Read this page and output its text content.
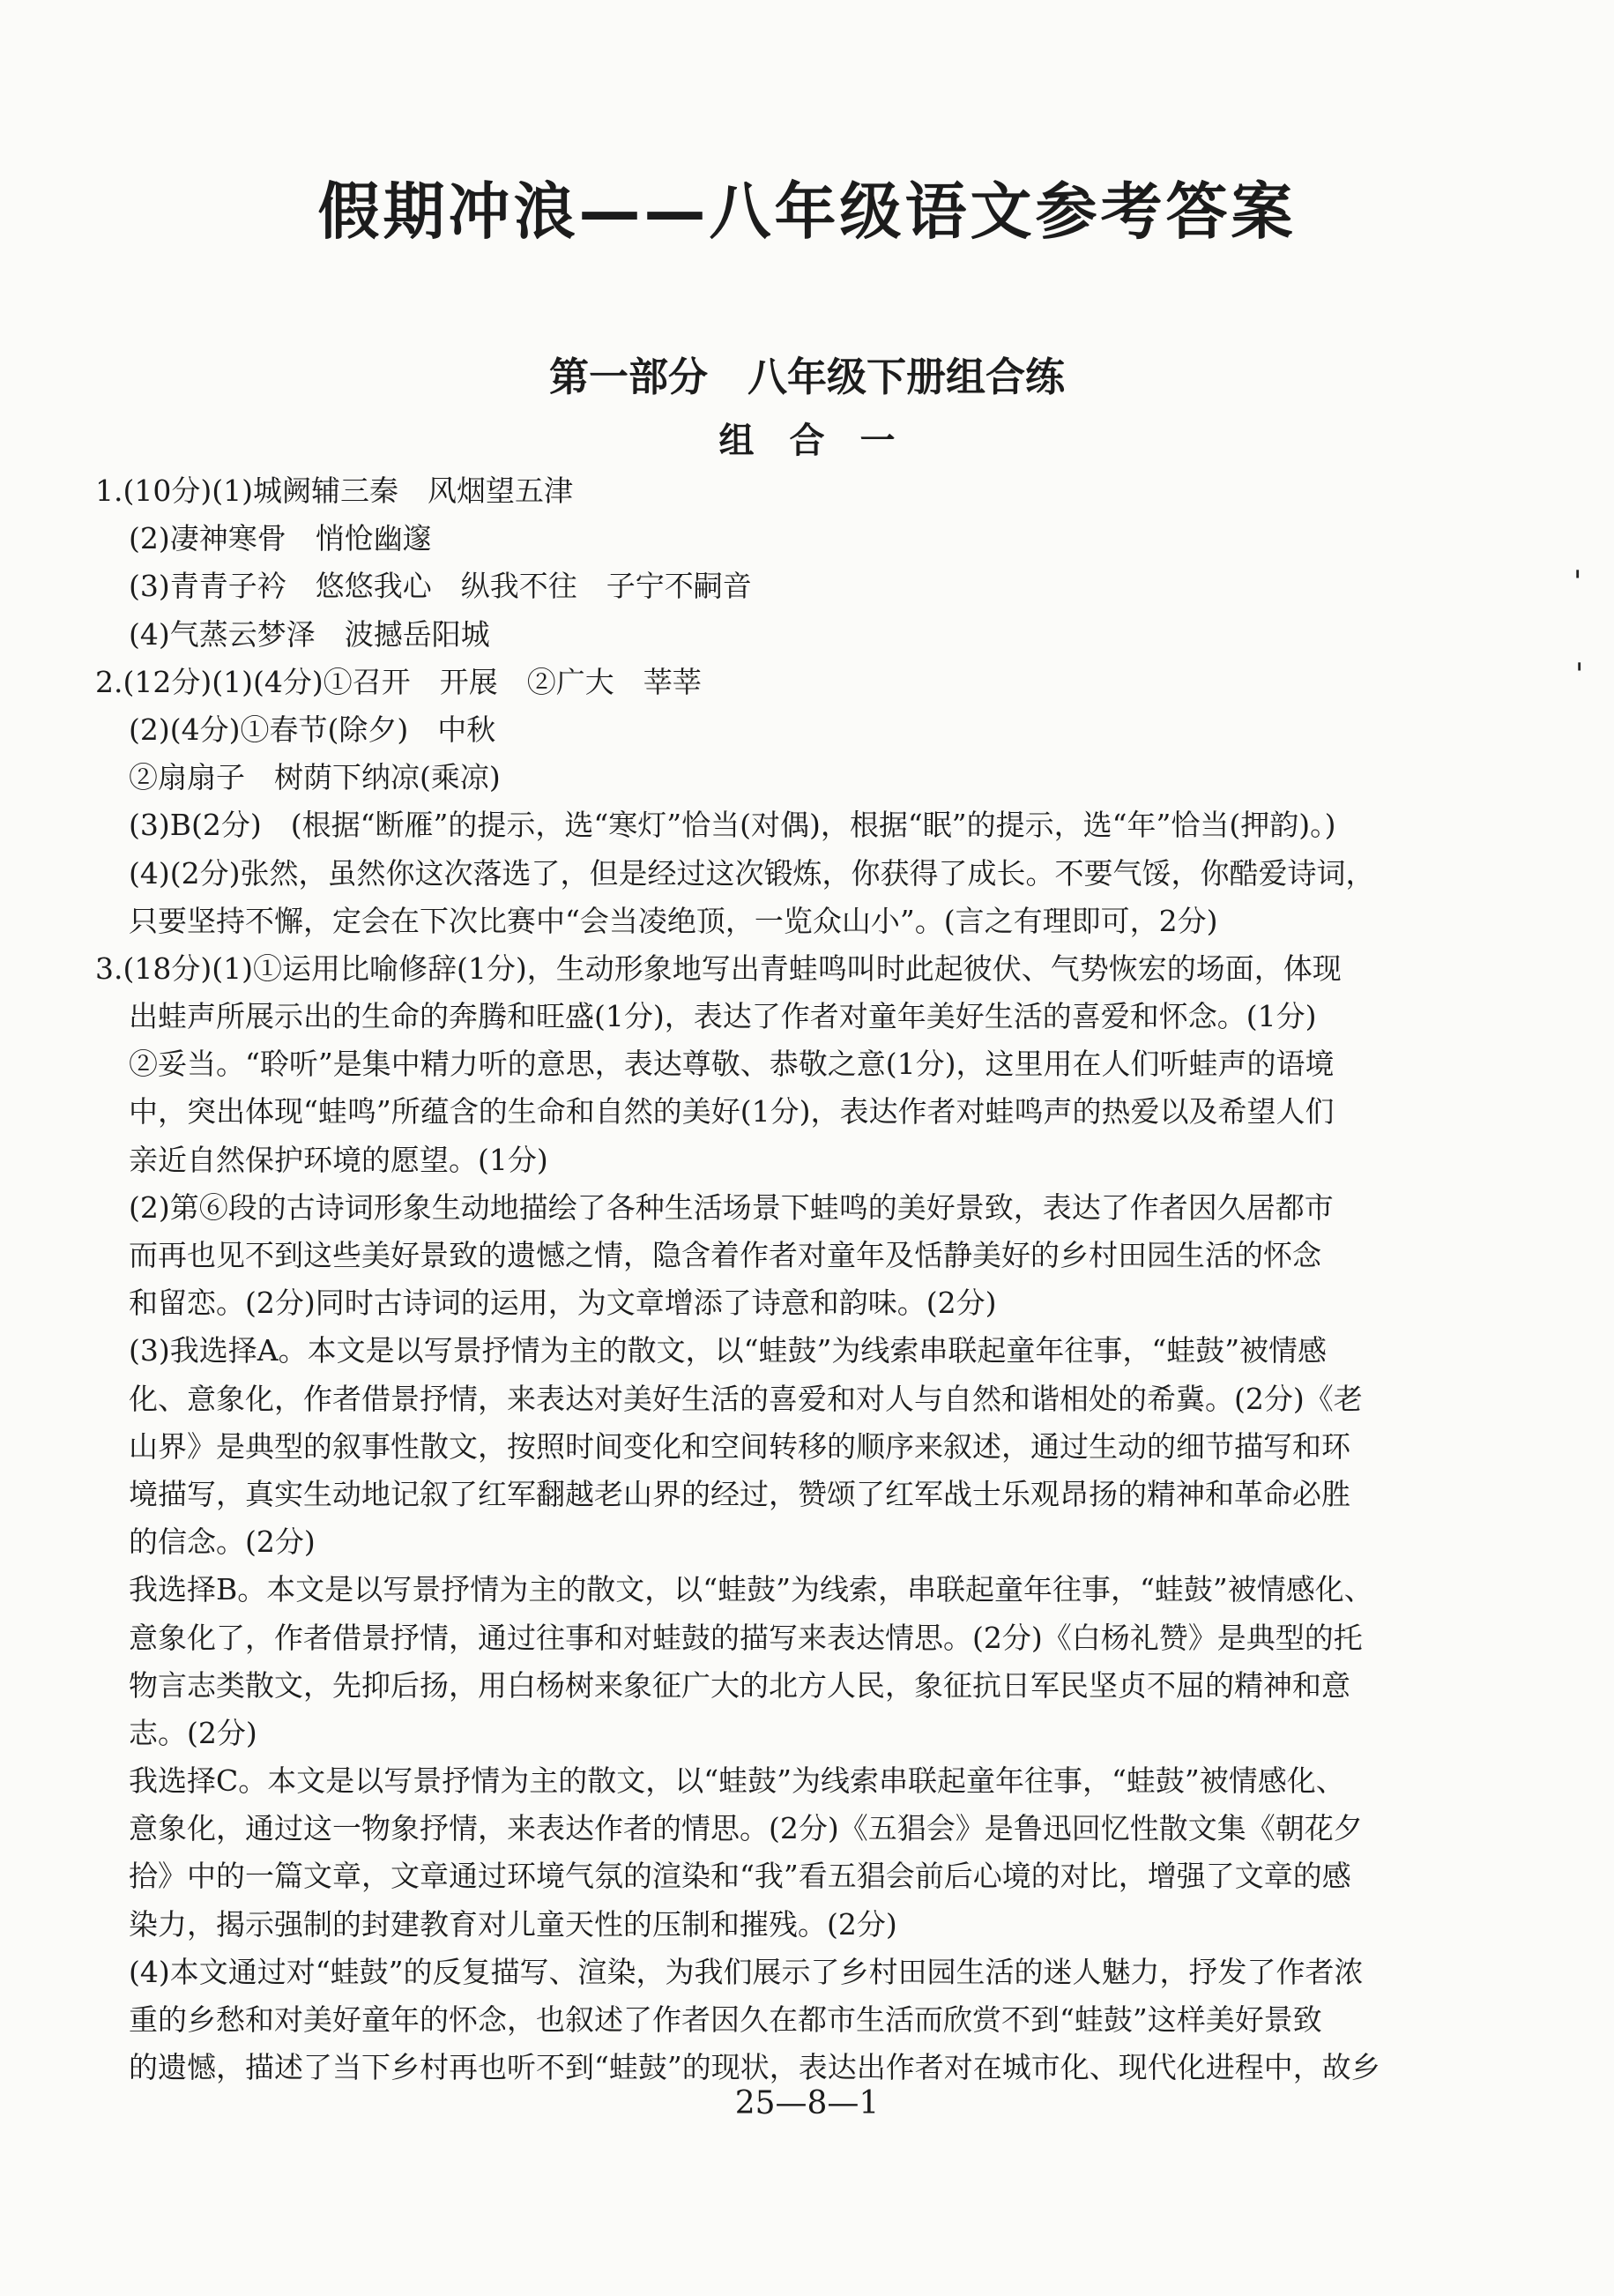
假期冲浪——八年级语文参考答案
第一部分　八年级下册组合练
组合一
1.(10分)(1)城阙辅三秦　风烟望五津
(2)凄神寒骨　悄怆幽邃
(3)青青子衿　悠悠我心　纵我不往　子宁不嗣音
(4)气蒸云梦泽　波撼岳阳城
2.(12分)(1)(4分)①召开　开展　②广大　莘莘
(2)(4分)①春节(除夕)　中秋
②扇扇子　树荫下纳凉(乘凉)
(3)B(2分)　(根据“断雁”的提示，选“寒灯”恰当(对偶)，根据“眠”的提示，选“年”恰当(押韵)。)
(4)(2分)张然，虽然你这次落选了，但是经过这次锻炼，你获得了成长。不要气馁，你酷爱诗词，
只要坚持不懈，定会在下次比赛中“会当凌绝顶，一览众山小”。(言之有理即可，2分)
3.(18分)(1)①运用比喻修辞(1分)，生动形象地写出青蛙鸣叫时此起彼伏、气势恢宏的场面，体现
出蛙声所展示出的生命的奔腾和旺盛(1分)，表达了作者对童年美好生活的喜爱和怀念。(1分)
②妥当。“聆听”是集中精力听的意思，表达尊敬、恭敬之意(1分)，这里用在人们听蛙声的语境
中，突出体现“蛙鸣”所蕴含的生命和自然的美好(1分)，表达作者对蛙鸣声的热爱以及希望人们
亲近自然保护环境的愿望。(1分)
(2)第⑥段的古诗词形象生动地描绘了各种生活场景下蛙鸣的美好景致，表达了作者因久居都市
而再也见不到这些美好景致的遗憾之情，隐含着作者对童年及恬静美好的乡村田园生活的怀念
和留恋。(2分)同时古诗词的运用，为文章增添了诗意和韵味。(2分)
(3)我选择A。本文是以写景抒情为主的散文，以“蛙鼓”为线索串联起童年往事，“蛙鼓”被情感
化、意象化，作者借景抒情，来表达对美好生活的喜爱和对人与自然和谐相处的希冀。(2分)《老
山界》是典型的叙事性散文，按照时间变化和空间转移的顺序来叙述，通过生动的细节描写和环
境描写，真实生动地记叙了红军翻越老山界的经过，赞颂了红军战士乐观昂扬的精神和革命必胜
的信念。(2分)
我选择B。本文是以写景抒情为主的散文，以“蛙鼓”为线索，串联起童年往事，“蛙鼓”被情感化、
意象化了，作者借景抒情，通过往事和对蛙鼓的描写来表达情思。(2分)《白杨礼赞》是典型的托
物言志类散文，先抑后扬，用白杨树来象征广大的北方人民，象征抗日军民坚贞不屈的精神和意
志。(2分)
我选择C。本文是以写景抒情为主的散文，以“蛙鼓”为线索串联起童年往事，“蛙鼓”被情感化、
意象化，通过这一物象抒情，来表达作者的情思。(2分)《五猖会》是鲁迅回忆性散文集《朝花夕
拾》中的一篇文章，文章通过环境气氛的渲染和“我”看五猖会前后心境的对比，增强了文章的感
染力，揭示强制的封建教育对儿童天性的压制和摧残。(2分)
(4)本文通过对“蛙鼓”的反复描写、渲染，为我们展示了乡村田园生活的迷人魅力，抒发了作者浓
重的乡愁和对美好童年的怀念，也叙述了作者因久在都市生活而欣赏不到“蛙鼓”这样美好景致
的遗憾，描述了当下乡村再也听不到“蛙鼓”的现状，表达出作者对在城市化、现代化进程中，故乡
25—8—1
'
'
